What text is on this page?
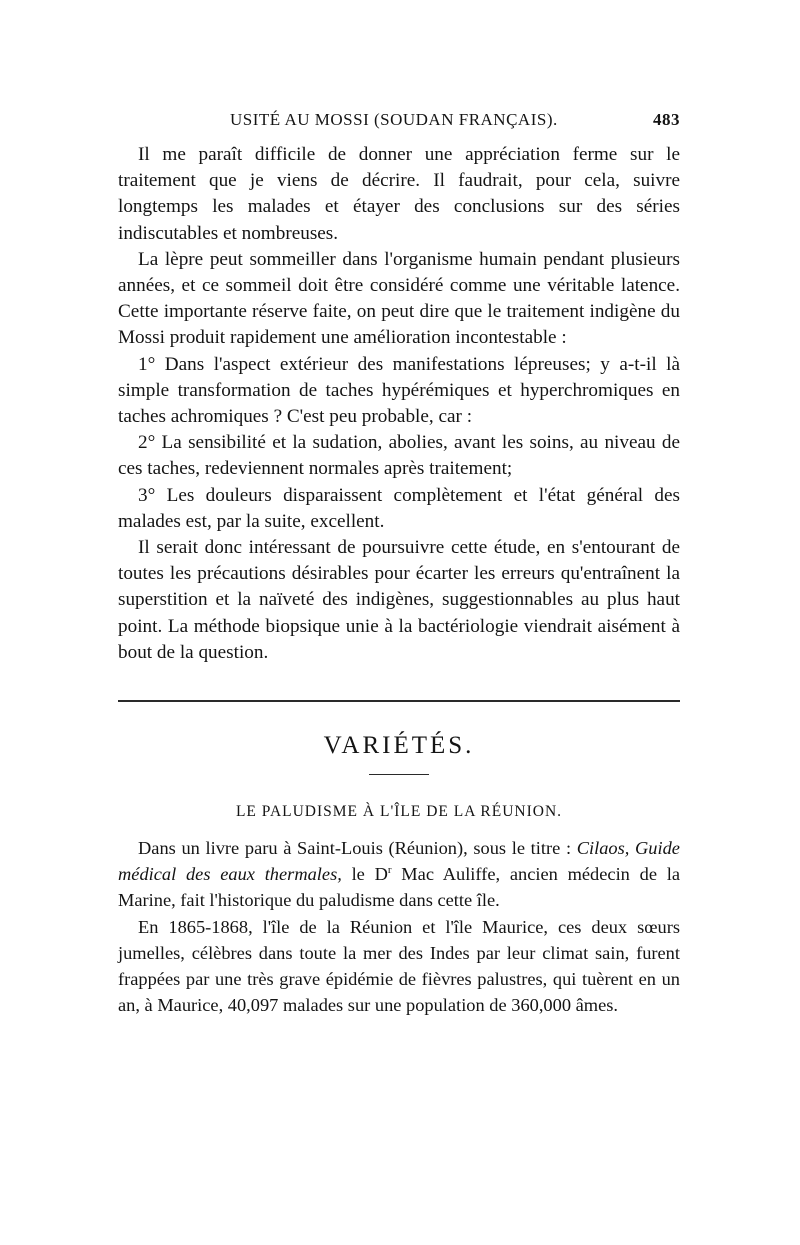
USITÉ AU MOSSI (SOUDAN FRANÇAIS).	483

Il me paraît difficile de donner une appréciation ferme sur le traitement que je viens de décrire. Il faudrait, pour cela, suivre longtemps les malades et étayer des conclusions sur des séries indiscutables et nombreuses.

La lèpre peut sommeiller dans l'organisme humain pendant plusieurs années, et ce sommeil doit être considéré comme une véritable latence. Cette importante réserve faite, on peut dire que le traitement indigène du Mossi produit rapidement une amélioration incontestable :

1° Dans l'aspect extérieur des manifestations lépreuses; y a-t-il là simple transformation de taches hypérémiques et hyperchromiques en taches achromiques ? C'est peu probable, car :

2° La sensibilité et la sudation, abolies, avant les soins, au niveau de ces taches, redeviennent normales après traitement;

3° Les douleurs disparaissent complètement et l'état général des malades est, par la suite, excellent.

Il serait donc intéressant de poursuivre cette étude, en s'entourant de toutes les précautions désirables pour écarter les erreurs qu'entraînent la superstition et la naïveté des indigènes, suggestionnables au plus haut point. La méthode biopsique unie à la bactériologie viendrait aisément à bout de la question.

VARIÉTÉS.
LE PALUDISME À L'ÎLE DE LA RÉUNION.

Dans un livre paru à Saint-Louis (Réunion), sous le titre : Cilaos, Guide médical des eaux thermales, le $D^r$ Mac Auliffe, ancien médecin de la Marine, fait l'historique du paludisme dans cette île.

En 1865-1868, l'île de la Réunion et l'île Maurice, ces deux sœurs jumelles, célèbres dans toute la mer des Indes par leur climat sain, furent frappées par une très grave épidémie de fièvres palustres, qui tuèrent en un an, à Maurice, 40,097 malades sur une population de 360,000 âmes.
